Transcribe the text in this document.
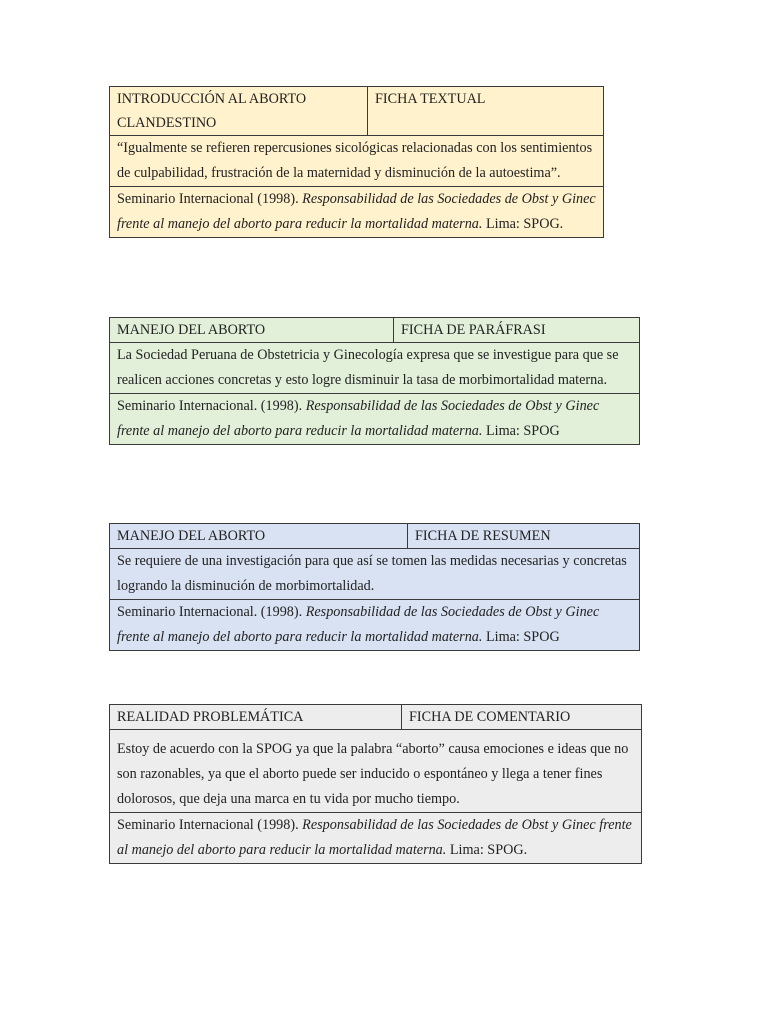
INTRODUCCIÓN AL ABORTO CLANDESTINO	FICHA TEXTUAL
“Igualmente se refieren repercusiones sicológicas relacionadas con los sentimientos de culpabilidad, frustración de la maternidad y disminución de la autoestima”.
Seminario Internacional (1998). Responsabilidad de las Sociedades de Obst y Ginec frente al manejo del aborto para reducir la mortalidad materna. Lima: SPOG.
MANEJO DEL ABORTO	FICHA DE PARÁFRASI
La Sociedad Peruana de Obstetricia y Ginecología expresa que se investigue para que se realicen acciones concretas y esto logre disminuir la tasa de morbimortalidad materna.
Seminario Internacional. (1998). Responsabilidad de las Sociedades de Obst y Ginec frente al manejo del aborto para reducir la mortalidad materna. Lima: SPOG
MANEJO DEL ABORTO	FICHA DE RESUMEN
Se requiere de una investigación para que así se tomen las medidas necesarias y concretas logrando la disminución de morbimortalidad.
Seminario Internacional. (1998). Responsabilidad de las Sociedades de Obst y Ginec frente al manejo del aborto para reducir la mortalidad materna. Lima: SPOG
REALIDAD PROBLEMÁTICA	FICHA DE COMENTARIO
Estoy de acuerdo con la SPOG ya que la palabra “aborto” causa emociones e ideas que no son razonables, ya que el aborto puede ser inducido o espontáneo y llega a tener fines dolorosos, que deja una marca en tu vida por mucho tiempo.
Seminario Internacional (1998). Responsabilidad de las Sociedades de Obst y Ginec frente al manejo del aborto para reducir la mortalidad materna. Lima: SPOG.
